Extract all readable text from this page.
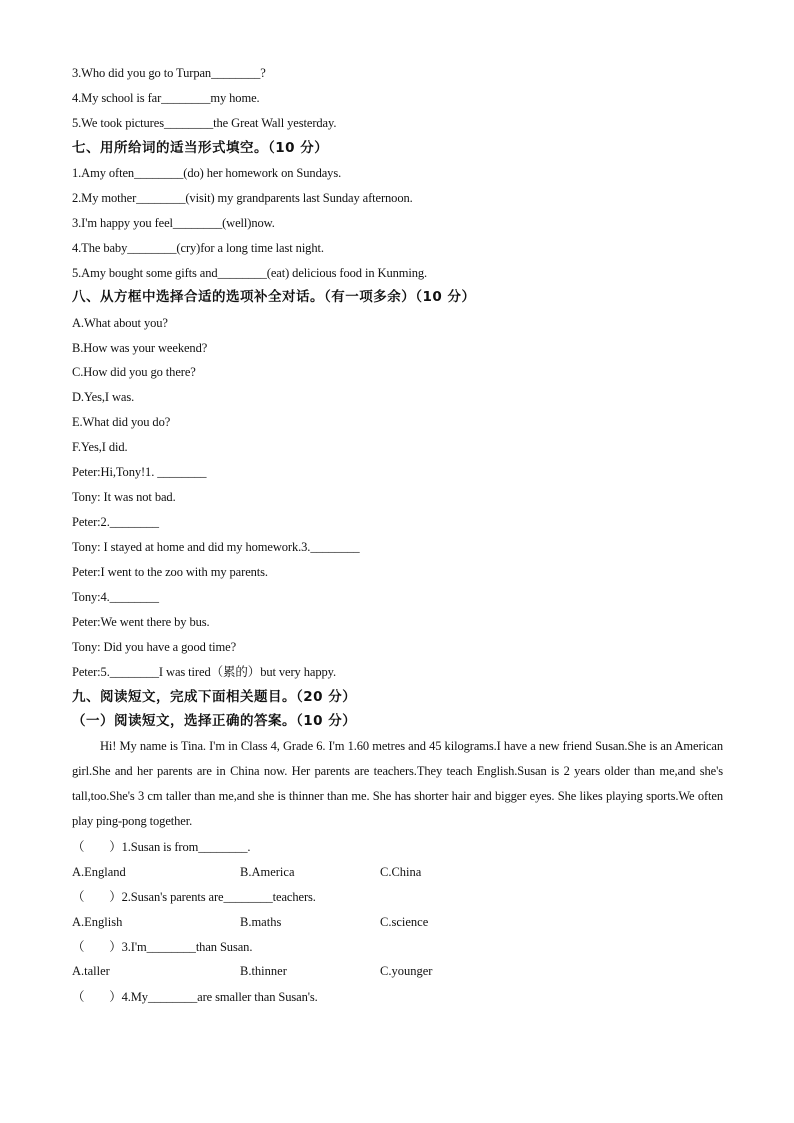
3.Who did you go to Turpan________?
4.My school is far________my home.
5.We took pictures________the Great Wall yesterday.
七、用所给词的适当形式填空。（10 分）
1.Amy often________(do) her homework on Sundays.
2.My mother________(visit) my grandparents last Sunday afternoon.
3.I'm happy you feel________(well)now.
4.The baby________(cry)for a long time last night.
5.Amy bought some gifts and________(eat) delicious food in Kunming.
八、从方框中选择合适的选项补全对话。（有一项多余）（10 分）
A.What about you?
B.How was your weekend?
C.How did you go there?
D.Yes,I was.
E.What did you do?
F.Yes,I did.
Peter:Hi,Tony!1. ________
Tony: It was not bad.
Peter:2.________
Tony: I stayed at home and did my homework.3.________
Peter:I went to the zoo with my parents.
Tony:4.________
Peter:We went there by bus.
Tony: Did you have a good time?
Peter:5.________I was tired（累的）but very happy.
九、阅读短文，完成下面相关题目。（20 分）
（一）阅读短文，选择正确的答案。（10 分）
Hi! My name is Tina. I'm in Class 4, Grade 6. I'm 1.60 metres and 45 kilograms.I have a new friend Susan.She is an American girl.She and her parents are in China now. Her parents are teachers.They teach English.Susan is 2 years older than me,and she's tall,too.She's 3 cm taller than me,and she is thinner than me. She has shorter hair and bigger eyes. She likes playing sports.We often play ping-pong together.
（　　）1.Susan is from________.
A.England	B.America	C.China
（　　）2.Susan's parents are________teachers.
A.English	B.maths	C.science
（　　）3.I'm________than Susan.
A.taller	B.thinner	C.younger
（　　）4.My________are smaller than Susan's.
